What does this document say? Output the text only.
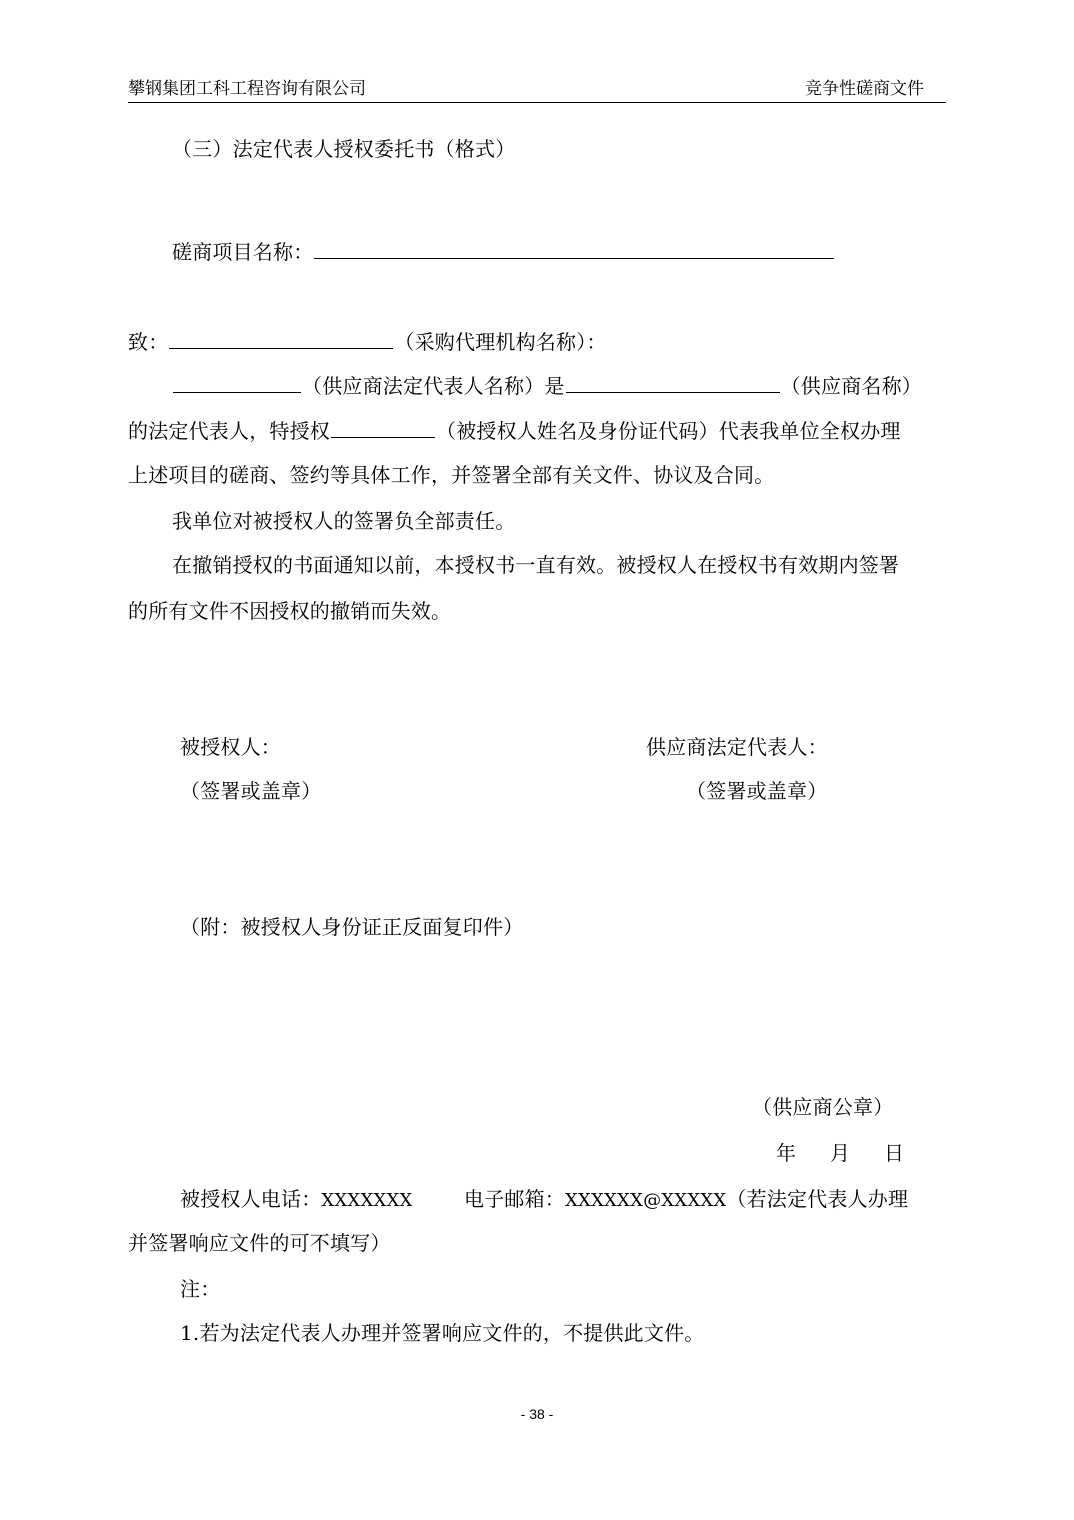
攀钢集团工科工程咨询有限公司	竞争性磋商文件
（三）法定代表人授权委托书（格式）
磋商项目名称：
致：	（采购代理机构名称）：
（供应商法定代表人名称）是	（供应商名称）
的法定代表人，特授权	（被授权人姓名及身份证代码）代表我单位全权办理
上述项目的磋商、签约等具体工作，并签署全部有关文件、协议及合同。
我单位对被授权人的签署负全部责任。
在撤销授权的书面通知以前，本授权书一直有效。被授权人在授权书有效期内签署
的所有文件不因授权的撤销而失效。
被授权人：	供应商法定代表人：
（签署或盖章）	（签署或盖章）
（附：被授权人身份证正反面复印件）
（供应商公章）
年 月 日
被授权人电话：XXXXXXX	电子邮箱：XXXXXX@XXXXX（若法定代表人办理
并签署响应文件的可不填写）
注：
1.若为法定代表人办理并签署响应文件的，不提供此文件。
- 38 -
